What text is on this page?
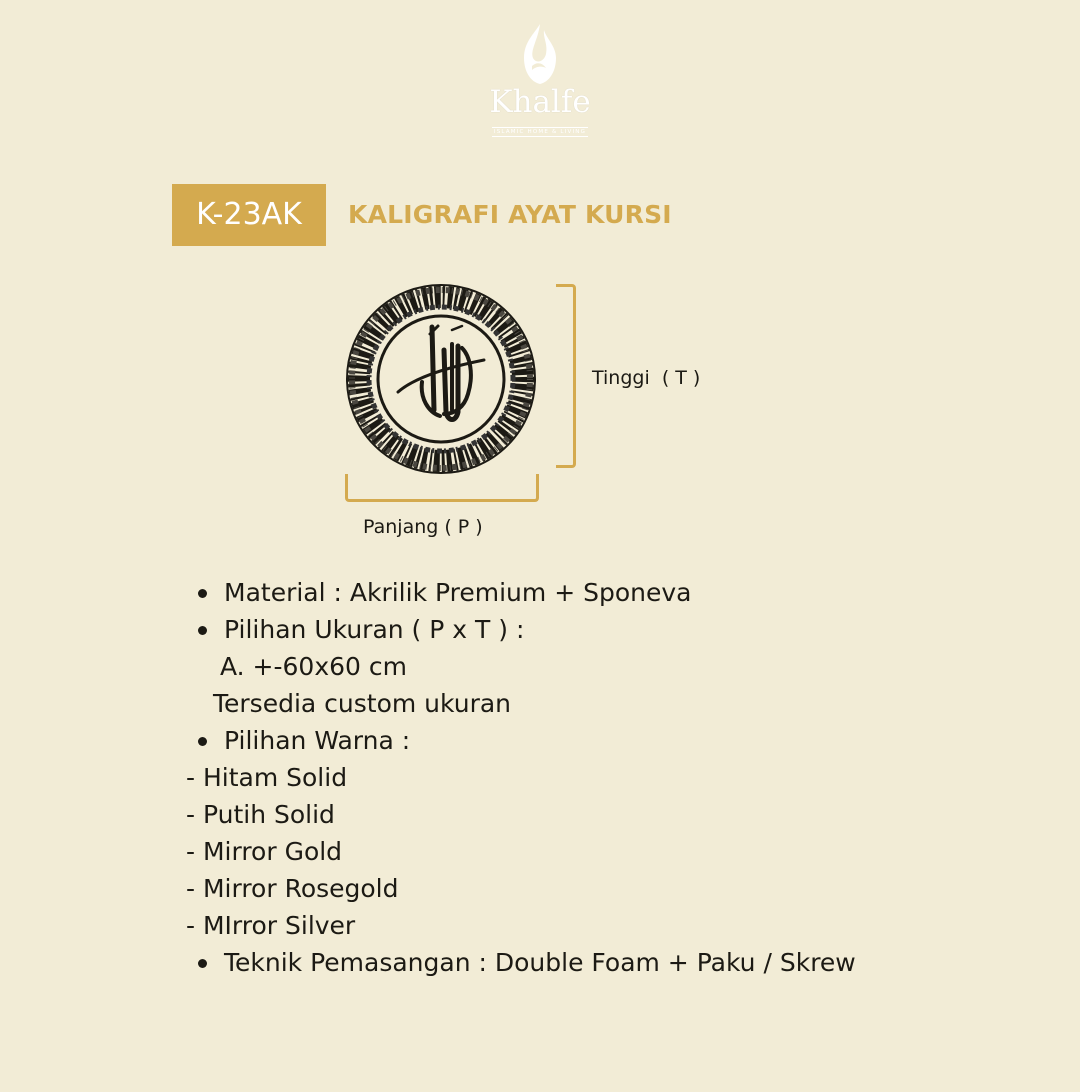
Khalfe
ISLAMIC HOME & LIVING
K-23AK	KALIGRAFI AYAT KURSI
Tinggi  ( T )
Panjang ( P )

Material : Akrilik Premium + Sponeva

Pilihan Ukuran ( P x T ) :

A. +-60x60 cm

Tersedia custom ukuran

Pilihan Warna :

- Hitam Solid

- Putih Solid

- Mirror Gold

- Mirror Rosegold

- MIrror Silver

Teknik Pemasangan : Double Foam + Paku / Skrew
